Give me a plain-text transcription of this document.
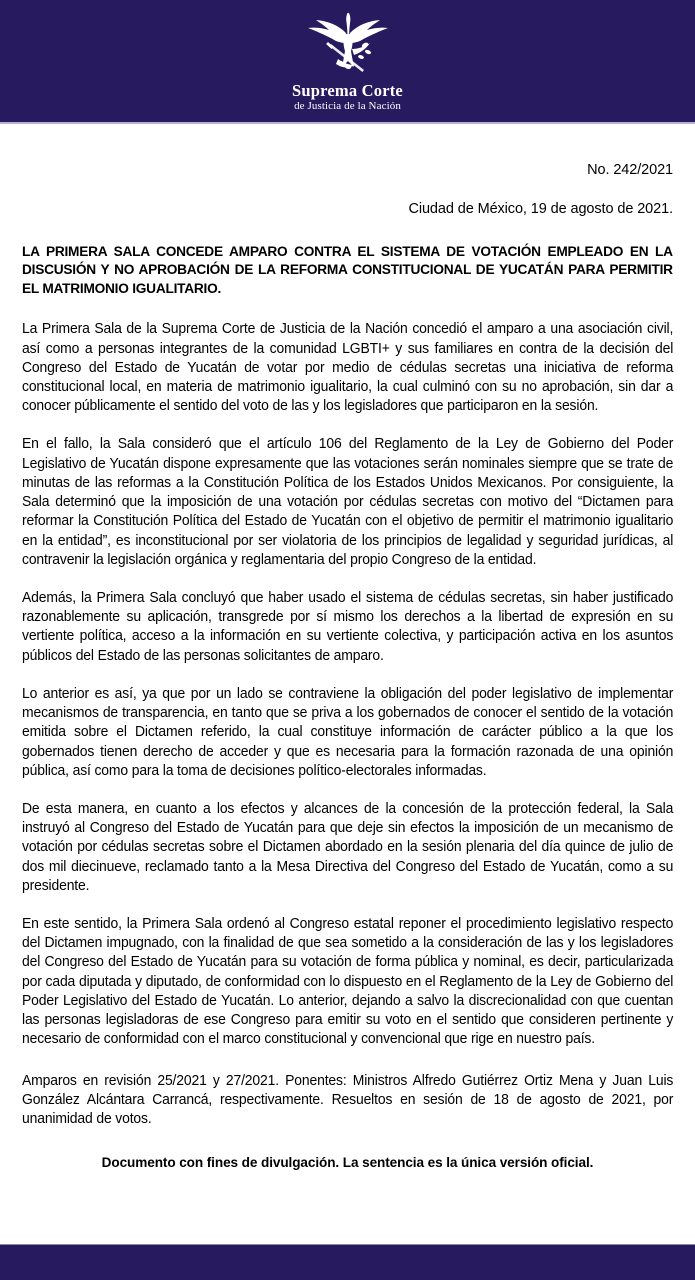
Suprema Corte
de Justicia de la Nación
No. 242/2021
Ciudad de México, 19 de agosto de 2021.
LA PRIMERA SALA CONCEDE AMPARO CONTRA EL SISTEMA DE VOTACIÓN EMPLEADO EN LA DISCUSIÓN Y NO APROBACIÓN DE LA REFORMA CONSTITUCIONAL DE YUCATÁN PARA PERMITIR EL MATRIMONIO IGUALITARIO.

La Primera Sala de la Suprema Corte de Justicia de la Nación concedió el amparo a una asociación civil, así como a personas integrantes de la comunidad LGBTI+ y sus familiares en contra de la decisión del Congreso del Estado de Yucatán de votar por medio de cédulas secretas una iniciativa de reforma constitucional local, en materia de matrimonio igualitario, la cual culminó con su no aprobación, sin dar a conocer públicamente el sentido del voto de las y los legisladores que participaron en la sesión.

En el fallo, la Sala consideró que el artículo 106 del Reglamento de la Ley de Gobierno del Poder Legislativo de Yucatán dispone expresamente que las votaciones serán nominales siempre que se trate de minutas de las reformas a la Constitución Política de los Estados Unidos Mexicanos. Por consiguiente, la Sala determinó que la imposición de una votación por cédulas secretas con motivo del “Dictamen para reformar la Constitución Política del Estado de Yucatán con el objetivo de permitir el matrimonio igualitario en la entidad”, es inconstitucional por ser violatoria de los principios de legalidad y seguridad jurídicas, al contravenir la legislación orgánica y reglamentaria del propio Congreso de la entidad.

Además, la Primera Sala concluyó que haber usado el sistema de cédulas secretas, sin haber justificado razonablemente su aplicación, transgrede por sí mismo los derechos a la libertad de expresión en su vertiente política, acceso a la información en su vertiente colectiva, y participación activa en los asuntos públicos del Estado de las personas solicitantes de amparo.

Lo anterior es así, ya que por un lado se contraviene la obligación del poder legislativo de implementar mecanismos de transparencia, en tanto que se priva a los gobernados de conocer el sentido de la votación emitida sobre el Dictamen referido, la cual constituye información de carácter público a la que los gobernados tienen derecho de acceder y que es necesaria para la formación razonada de una opinión pública, así como para la toma de decisiones político-electorales informadas.

De esta manera, en cuanto a los efectos y alcances de la concesión de la protección federal, la Sala instruyó al Congreso del Estado de Yucatán para que deje sin efectos la imposición de un mecanismo de votación por cédulas secretas sobre el Dictamen abordado en la sesión plenaria del día quince de julio de dos mil diecinueve, reclamado tanto a la Mesa Directiva del Congreso del Estado de Yucatán, como a su presidente.

En este sentido, la Primera Sala ordenó al Congreso estatal reponer el procedimiento legislativo respecto del Dictamen impugnado, con la finalidad de que sea sometido a la consideración de las y los legisladores del Congreso del Estado de Yucatán para su votación de forma pública y nominal, es decir, particularizada por cada diputada y diputado, de conformidad con lo dispuesto en el Reglamento de la Ley de Gobierno del Poder Legislativo del Estado de Yucatán. Lo anterior, dejando a salvo la discrecionalidad con que cuentan las personas legisladoras de ese Congreso para emitir su voto en el sentido que consideren pertinente y necesario de conformidad con el marco constitucional y convencional que rige en nuestro país.

Amparos en revisión 25/2021 y 27/2021. Ponentes: Ministros Alfredo Gutiérrez Ortiz Mena y Juan Luis González Alcántara Carrancá, respectivamente. Resueltos en sesión de 18 de agosto de 2021, por unanimidad de votos.

Documento con fines de divulgación. La sentencia es la única versión oficial.
